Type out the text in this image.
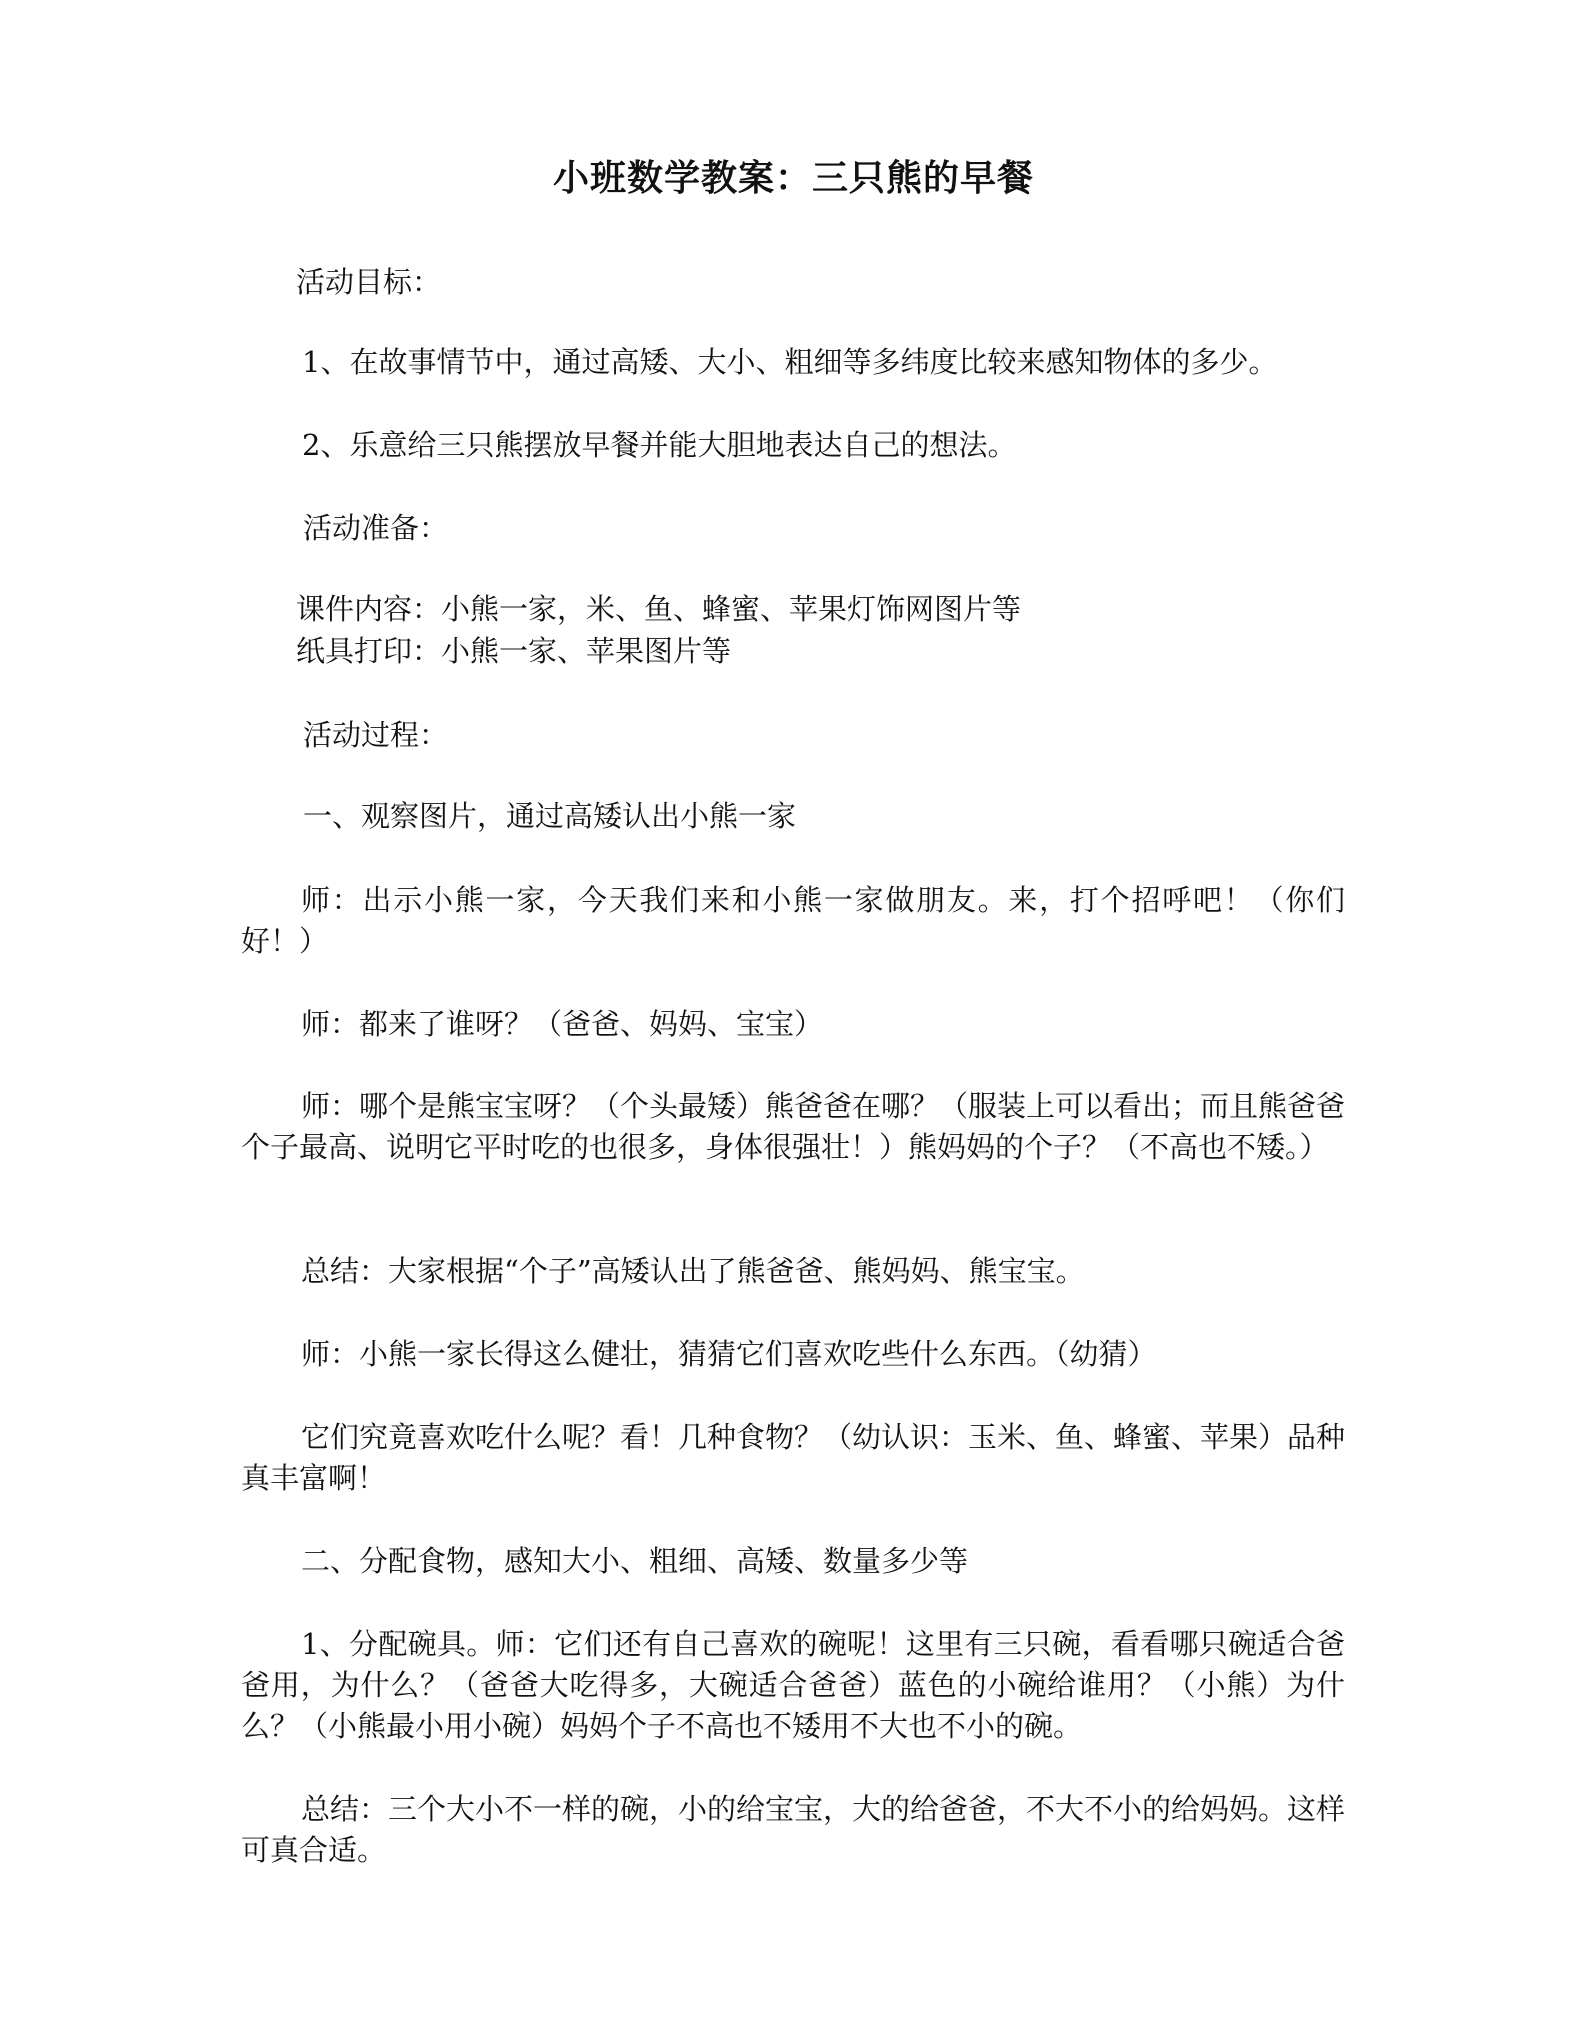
小班数学教案：三只熊的早餐
活动目标：
1、在故事情节中，通过高矮、大小、粗细等多纬度比较来感知物体的多少。
2、乐意给三只熊摆放早餐并能大胆地表达自己的想法。
活动准备：
课件内容：小熊一家，米、鱼、蜂蜜、苹果灯饰网图片等
纸具打印：小熊一家、苹果图片等
活动过程：
一、观察图片，通过高矮认出小熊一家
师：出示小熊一家，今天我们来和小熊一家做朋友。来，打个招呼吧！（你们好！）
师：都来了谁呀？（爸爸、妈妈、宝宝）
师：哪个是熊宝宝呀？（个头最矮）熊爸爸在哪？（服装上可以看出；而且熊爸爸个子最高、说明它平时吃的也很多，身体很强壮！）熊妈妈的个子？（不高也不矮。）
总结：大家根据“个子”高矮认出了熊爸爸、熊妈妈、熊宝宝。
师：小熊一家长得这么健壮，猜猜它们喜欢吃些什么东西。（幼猜）
它们究竟喜欢吃什么呢？看！几种食物？（幼认识：玉米、鱼、蜂蜜、苹果）品种真丰富啊！
二、分配食物，感知大小、粗细、高矮、数量多少等
1、分配碗具。师：它们还有自己喜欢的碗呢！这里有三只碗，看看哪只碗适合爸爸用，为什么？（爸爸大吃得多，大碗适合爸爸）蓝色的小碗给谁用？（小熊）为什么？（小熊最小用小碗）妈妈个子不高也不矮用不大也不小的碗。
总结：三个大小不一样的碗，小的给宝宝，大的给爸爸，不大不小的给妈妈。这样可真合适。
